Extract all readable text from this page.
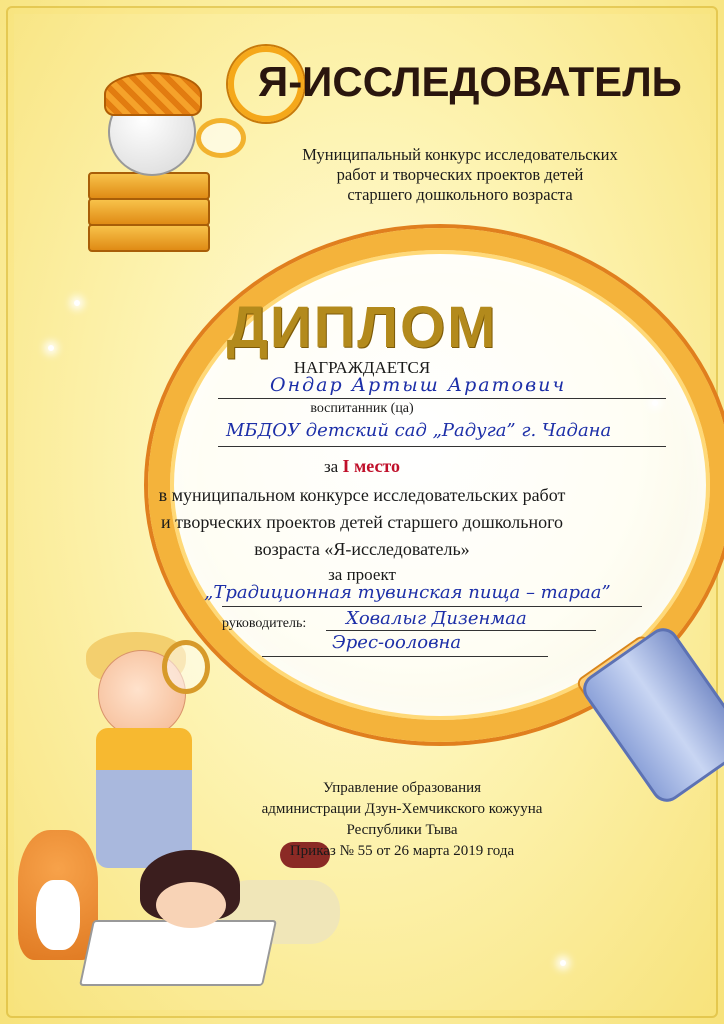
Я-ИССЛЕДОВАТЕЛЬ
Муниципальный конкурс исследовательских
работ и творческих проектов детей
старшего дошкольного возраста
ДИПЛОМ
НАГРАЖДАЕТСЯ
Ондар Артыш Аратович
воспитанник (ца)
МБДОУ детский сад „Радуга” г. Чадана
за I место
в муниципальном конкурсе исследовательских работ
и творческих проектов детей старшего дошкольного
возраста «Я-исследователь»
за проект
„Традиционная тувинская пища – тараа”
руководитель: Ховалыг Дизенмаа
Эрес-ооловна
Управление образования
администрации Дзун-Хемчикского кожууна
Республики Тыва
Приказ № 55 от 26 марта 2019 года
